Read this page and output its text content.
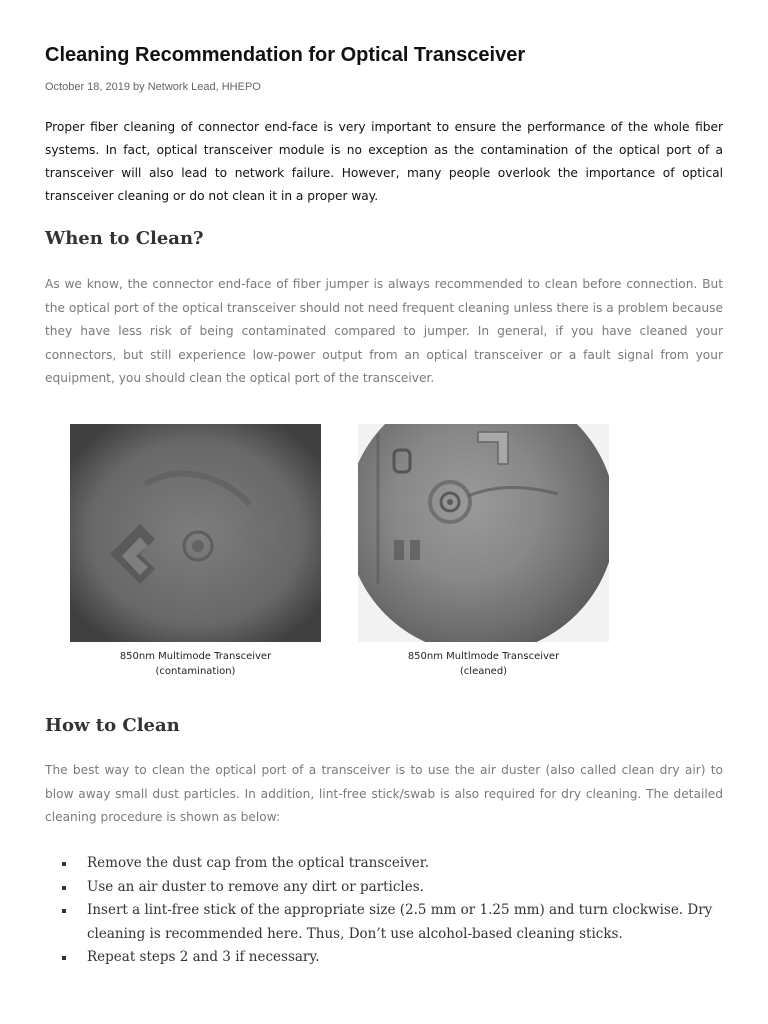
Cleaning Recommendation for Optical Transceiver
October 18, 2019 by Network Lead, HHEPO

Proper fiber cleaning of connector end-face is very important to ensure the performance of the whole fiber systems. In fact, optical transceiver module is no exception as the contamination of the optical port of a transceiver will also lead to network failure. However, many people overlook the importance of optical transceiver cleaning or do not clean it in a proper way.

When to Clean?

As we know, the connector end-face of fiber jumper is always recommended to clean before connection. But the optical port of the optical transceiver should not need frequent cleaning unless there is a problem because they have less risk of being contaminated compared to jumper. In general, if you have cleaned your connectors, but still experience low-power output from an optical transceiver or a fault signal from your equipment, you should clean the optical port of the transceiver.

850nm Multimode Transceiver
(contamination)
850nm Multlmode Transceiver
(cleaned)
How to Clean

The best way to clean the optical port of a transceiver is to use the air duster (also called clean dry air) to blow away small dust particles. In addition, lint-free stick/swab is also required for dry cleaning. The detailed cleaning procedure is shown as below:

Remove the dust cap from the optical transceiver.
Use an air duster to remove any dirt or particles.
Insert a lint-free stick of the appropriate size (2.5 mm or 1.25 mm) and turn clockwise. Dry cleaning is recommended here. Thus, Don’t use alcohol-based cleaning sticks.
Repeat steps 2 and 3 if necessary.
